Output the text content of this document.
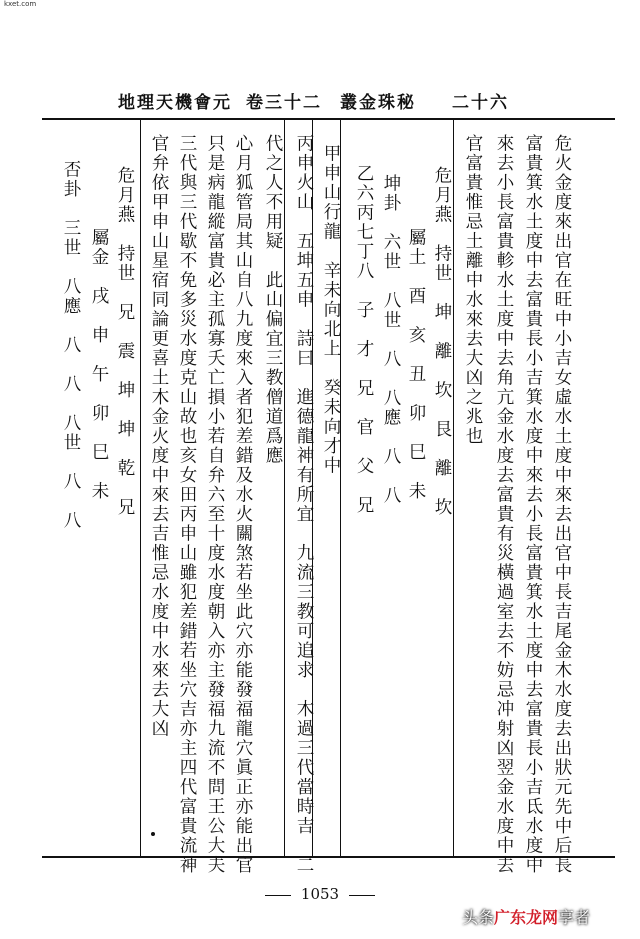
kxet.com
地理天機會元 卷三十二 叢金珠秘 二十六
危火金度來出官在旺中小吉女虛水土度中來去出官中長吉尾金木水度去出狀元先中后長
富貴箕水土度中去富貴長小吉箕水度中來去小長富貴箕水土度中去富貴長小吉氐水度中
來去小長富貴軫水土度中去角亢金水度去富貴有災橫過室去不妨忌冲射凶翌金水度中去
官富貴惟忌土離中水來去大凶之兆也
危月燕　持世　坤　離　坎　艮　離　坎
屬土　酉　亥　丑　卯　巳　未
坤卦　六世　八世　八　八應　八　八
乙六丙七丁八　子　才　兄　官　父　兄
甲申山行龍　辛未向北上　癸未向才中
丙申火山　五坤五申　詩曰　進德龍神有所宜　九流三教可追求　木過三代當時吉　二
代之人不用疑　此山偏宜三教僧道爲應
心月狐管局其山自八九度來入者犯差錯及水火關煞若坐此穴亦能發福龍穴眞正亦能出官
只是病龍縱富貴必主孤寡夭亡損小若自弁六至十度水度朝入亦主發福九流不問王公大夫
三代與三代歇不免多災水度克山故也亥女田丙申山雖犯差錯若坐穴吉亦主四代富貴流神
官弁依甲申山星宿同論更喜土木金火度中來去吉惟忌水度中水來去大凶
危月燕　持世　兄　震　坤　坤　乾　兄
屬金　戌　申　午　卯　巳　未
否卦　三世　八應　八　八　八世　八　八
1053
头条广东龙网享者
